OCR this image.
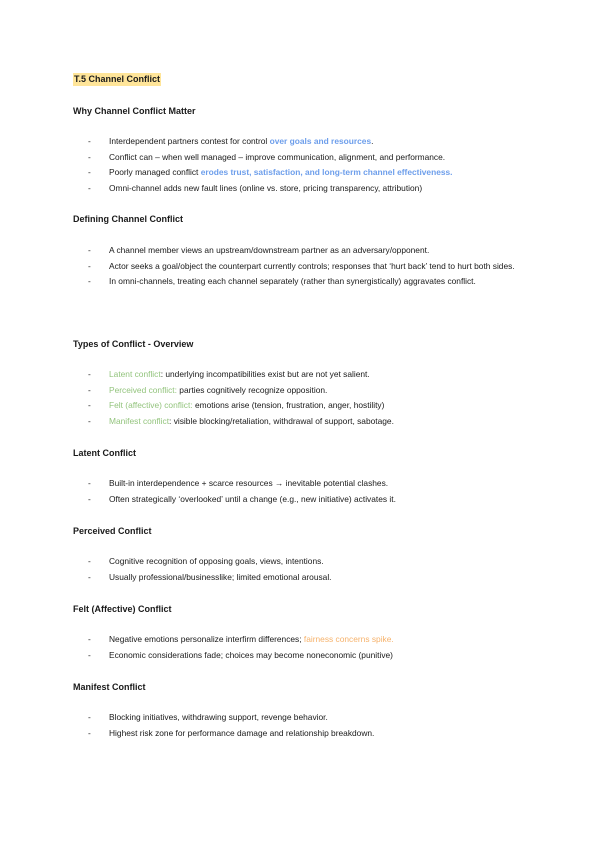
T.5 Channel Conflict
Why Channel Conflict Matter
- Interdependent partners contest for control over goals and resources.
- Conflict can – when well managed – improve communication, alignment, and performance.
- Poorly managed conflict erodes trust, satisfaction, and long-term channel effectiveness.
- Omni-channel adds new fault lines (online vs. store, pricing transparency, attribution)
Defining Channel Conflict
- A channel member views an upstream/downstream partner as an adversary/opponent.
- Actor seeks a goal/object the counterpart currently controls; responses that ‘hurt back’ tend to hurt both sides.
- In omni-channels, treating each channel separately (rather than synergistically) aggravates conflict.
Types of Conflict - Overview
- Latent conflict: underlying incompatibilities exist but are not yet salient.
- Perceived conflict: parties cognitively recognize opposition.
- Felt (affective) conflict: emotions arise (tension, frustration, anger, hostility)
- Manifest conflict: visible blocking/retaliation, withdrawal of support, sabotage.
Latent Conflict
- Built-in interdependence + scarce resources → inevitable potential clashes.
- Often strategically ‘overlooked’ until a change (e.g., new initiative) activates it.
Perceived Conflict
- Cognitive recognition of opposing goals, views, intentions.
- Usually professional/businesslike; limited emotional arousal.
Felt (Affective) Conflict
- Negative emotions personalize interfirm differences; fairness concerns spike.
- Economic considerations fade; choices may become noneconomic (punitive)
Manifest Conflict
- Blocking initiatives, withdrawing support, revenge behavior.
- Highest risk zone for performance damage and relationship breakdown.
